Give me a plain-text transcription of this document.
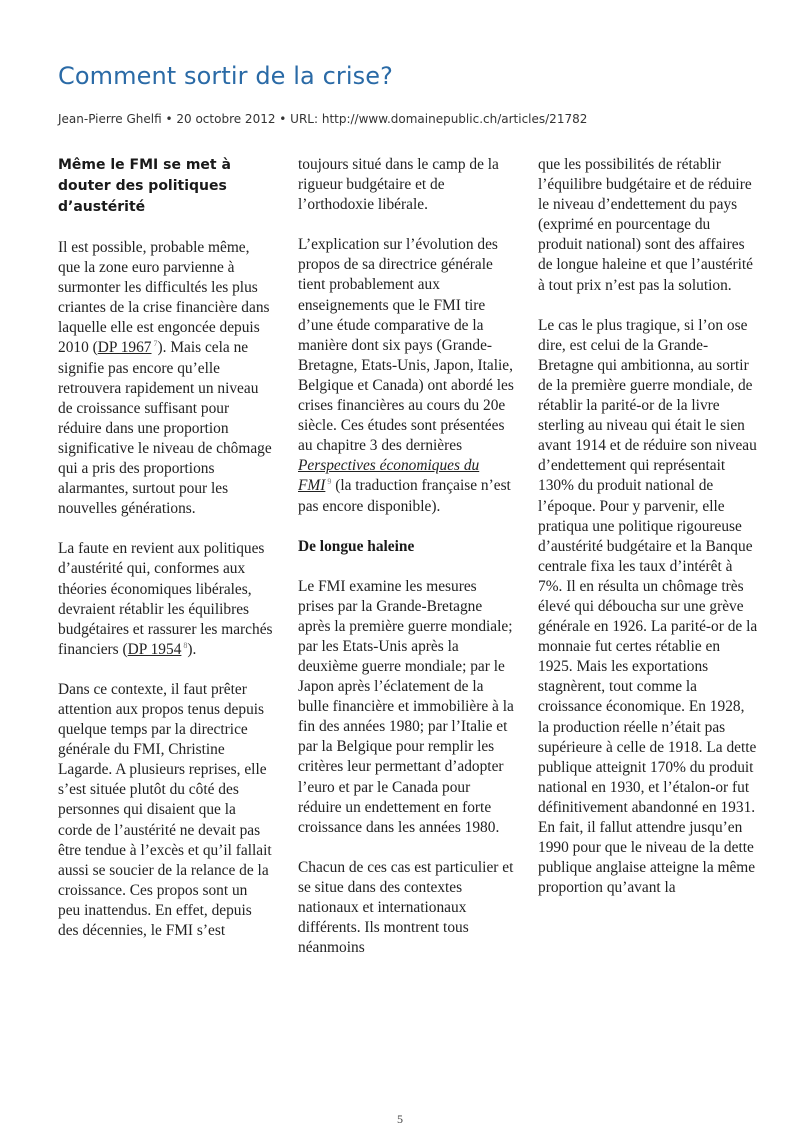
Comment sortir de la crise?
Jean-Pierre Ghelfi • 20 octobre 2012 • URL: http://www.domainepublic.ch/articles/21782
Même le FMI se met à douter des politiques d’austérité

Il est possible, probable même, que la zone euro parvienne à surmonter les difficultés les plus criantes de la crise financière dans laquelle elle est engoncée depuis 2010 (DP 1967 $^7$). Mais cela ne signifie pas encore qu’elle retrouvera rapidement un niveau de croissance suffisant pour réduire dans une proportion significative le niveau de chômage qui a pris des proportions alarmantes, surtout pour les nouvelles générations.

La faute en revient aux politiques d’austérité qui, conformes aux théories économiques libérales, devraient rétablir les équilibres budgétaires et rassurer les marchés financiers (DP 1954 $^8$).

Dans ce contexte, il faut prêter attention aux propos tenus depuis quelque temps par la directrice générale du FMI, Christine Lagarde. A plusieurs reprises, elle s’est située plutôt du côté des personnes qui disaient que la corde de l’austérité ne devait pas être tendue à l’excès et qu’il fallait aussi se soucier de la relance de la croissance. Ces propos sont un peu inattendus. En effet, depuis des décennies, le FMI s’est

toujours situé dans le camp de la rigueur budgétaire et de l’orthodoxie libérale.

L’explication sur l’évolution des propos de sa directrice générale tient probablement aux enseignements que le FMI tire d’une étude comparative de la manière dont six pays (Grande-Bretagne, Etats-Unis, Japon, Italie, Belgique et Canada) ont abordé les crises financières au cours du 20e siècle. Ces études sont présentées au chapitre 3 des dernières Perspectives économiques du FMI $^9$ (la traduction française n’est pas encore disponible).

De longue haleine

Le FMI examine les mesures prises par la Grande-Bretagne après la première guerre mondiale; par les Etats-Unis après la deuxième guerre mondiale; par le Japon après l’éclatement de la bulle financière et immobilière à la fin des années 1980; par l’Italie et par la Belgique pour remplir les critères leur permettant d’adopter l’euro et par le Canada pour réduire un endettement en forte croissance dans les années 1980.

Chacun de ces cas est particulier et se situe dans des contextes nationaux et internationaux différents. Ils montrent tous néanmoins

que les possibilités de rétablir l’équilibre budgétaire et de réduire le niveau d’endettement du pays (exprimé en pourcentage du produit national) sont des affaires de longue haleine et que l’austérité à tout prix n’est pas la solution.

Le cas le plus tragique, si l’on ose dire, est celui de la Grande-Bretagne qui ambitionna, au sortir de la première guerre mondiale, de rétablir la parité-or de la livre sterling au niveau qui était le sien avant 1914 et de réduire son niveau d’endettement qui représentait 130% du produit national de l’époque. Pour y parvenir, elle pratiqua une politique rigoureuse d’austérité budgétaire et la Banque centrale fixa les taux d’intérêt à 7%. Il en résulta un chômage très élevé qui déboucha sur une grève générale en 1926. La parité-or de la monnaie fut certes rétablie en 1925. Mais les exportations stagnèrent, tout comme la croissance économique. En 1928, la production réelle n’était pas supérieure à celle de 1918. La dette publique atteignit 170% du produit national en 1930, et l’étalon-or fut définitivement abandonné en 1931. En fait, il fallut attendre jusqu’en 1990 pour que le niveau de la dette publique anglaise atteigne la même proportion qu’avant la

5
